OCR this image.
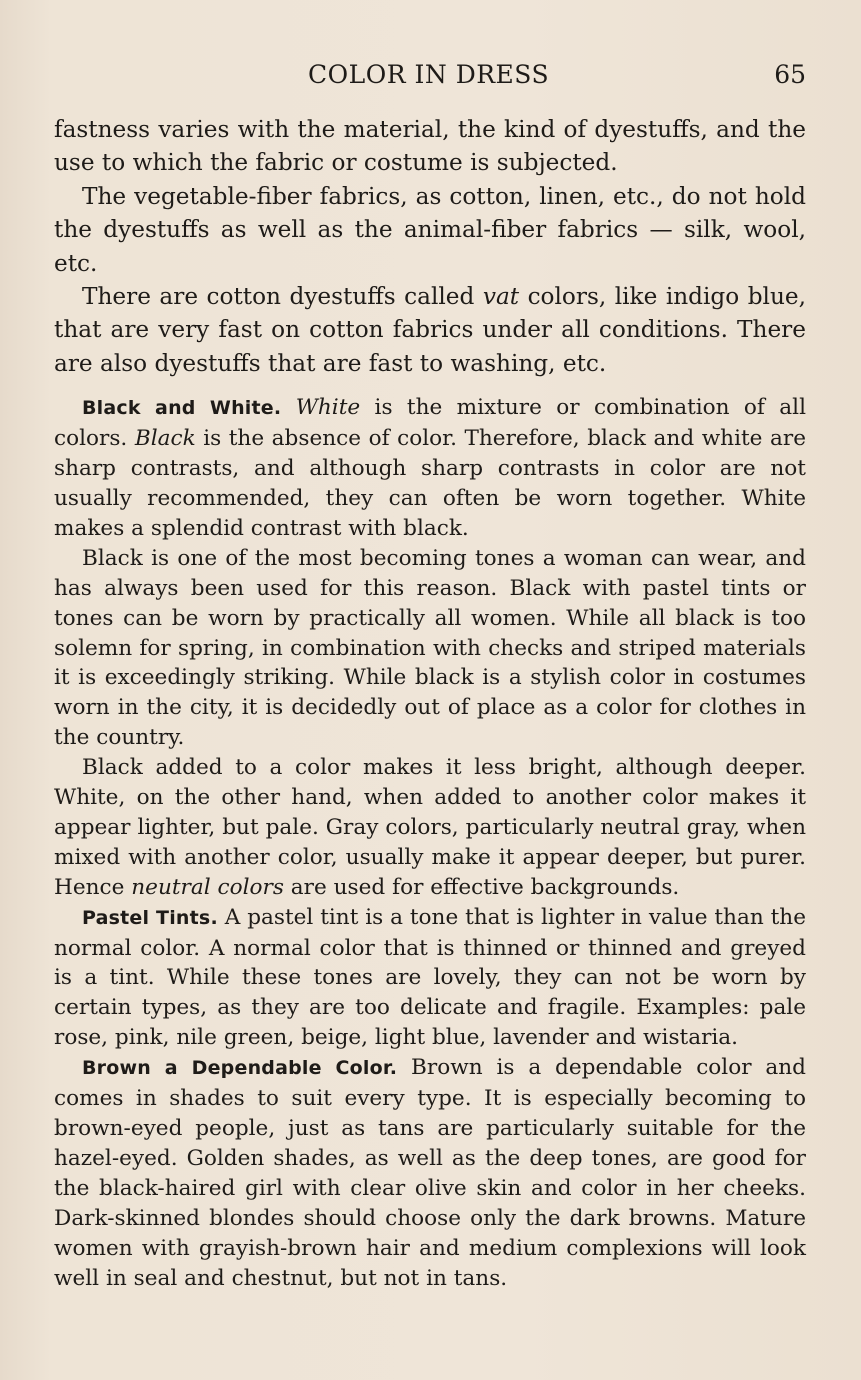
COLOR IN DRESS	65

fastness varies with the material, the kind of dyestuffs, and the use to which the fabric or costume is subjected.

The vegetable-fiber fabrics, as cotton, linen, etc., do not hold the dyestuffs as well as the animal-fiber fabrics — silk, wool, etc.

There are cotton dyestuffs called vat colors, like indigo blue, that are very fast on cotton fabrics under all conditions. There are also dyestuffs that are fast to washing, etc.

Black and White. White is the mixture or combination of all colors. Black is the absence of color. Therefore, black and white are sharp contrasts, and although sharp contrasts in color are not usually recommended, they can often be worn together. White makes a splendid contrast with black.

Black is one of the most becoming tones a woman can wear, and has always been used for this reason. Black with pastel tints or tones can be worn by practically all women. While all black is too solemn for spring, in combination with checks and striped materials it is exceedingly striking. While black is a stylish color in costumes worn in the city, it is decidedly out of place as a color for clothes in the country.

Black added to a color makes it less bright, although deeper. White, on the other hand, when added to another color makes it appear lighter, but pale. Gray colors, particularly neutral gray, when mixed with another color, usually make it appear deeper, but purer. Hence neutral colors are used for effective backgrounds.

Pastel Tints. A pastel tint is a tone that is lighter in value than the normal color. A normal color that is thinned or thinned and greyed is a tint. While these tones are lovely, they can not be worn by certain types, as they are too delicate and fragile. Examples: pale rose, pink, nile green, beige, light blue, lavender and wistaria.

Brown a Dependable Color. Brown is a dependable color and comes in shades to suit every type. It is especially becoming to brown-eyed people, just as tans are particularly suitable for the hazel-eyed. Golden shades, as well as the deep tones, are good for the black-haired girl with clear olive skin and color in her cheeks. Dark-skinned blondes should choose only the dark browns. Mature women with grayish-brown hair and medium complexions will look well in seal and chestnut, but not in tans.
